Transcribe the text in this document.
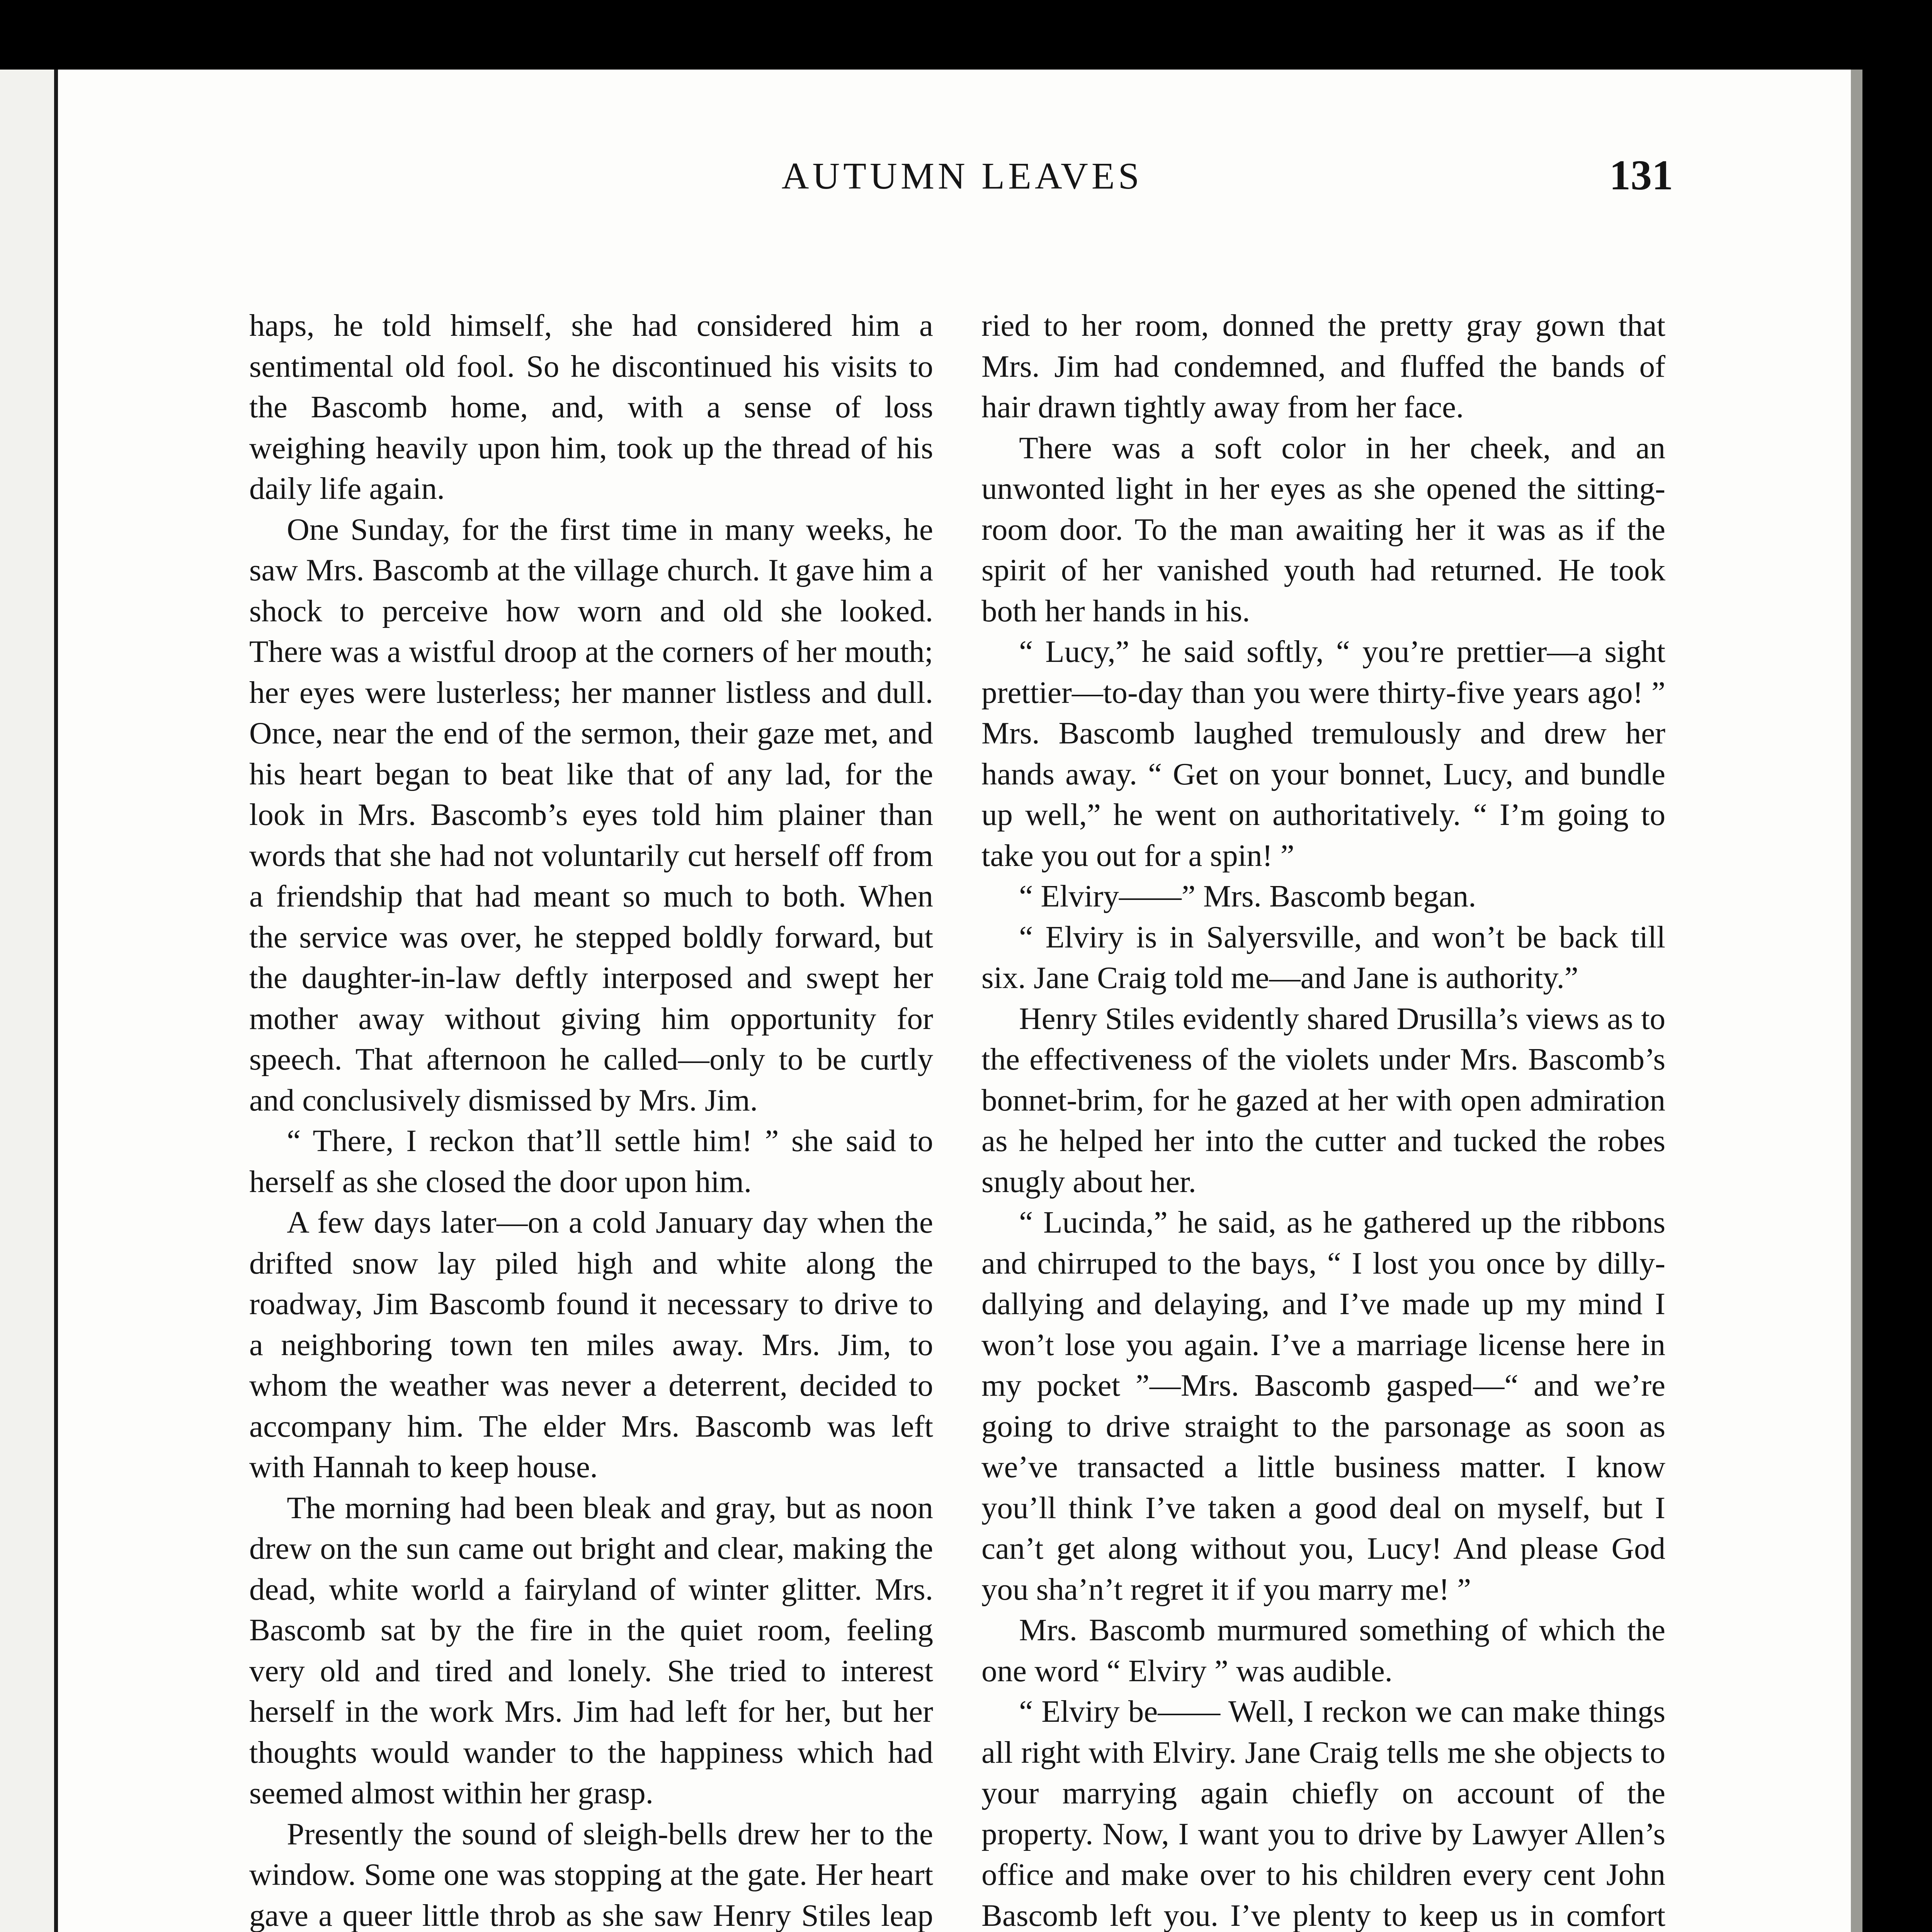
AUTUMN LEAVES	131

haps, he told himself, she had considered him a sentimental old fool. So he discontinued his visits to the Bascomb home, and, with a sense of loss weighing heavily upon him, took up the thread of his daily life again.

One Sunday, for the first time in many weeks, he saw Mrs. Bascomb at the village church. It gave him a shock to perceive how worn and old she looked. There was a wistful droop at the corners of her mouth; her eyes were lusterless; her manner listless and dull. Once, near the end of the sermon, their gaze met, and his heart began to beat like that of any lad, for the look in Mrs. Bascomb’s eyes told him plainer than words that she had not voluntarily cut herself off from a friendship that had meant so much to both. When the service was over, he stepped boldly forward, but the daughter-in-law deftly interposed and swept her mother away without giving him opportunity for speech. That afternoon he called—only to be curtly and conclusively dismissed by Mrs. Jim.

“ There, I reckon that’ll settle him! ” she said to herself as she closed the door upon him.

A few days later—on a cold January day when the drifted snow lay piled high and white along the roadway, Jim Bascomb found it necessary to drive to a neighboring town ten miles away. Mrs. Jim, to whom the weather was never a deterrent, decided to accompany him. The elder Mrs. Bascomb was left with Hannah to keep house.

The morning had been bleak and gray, but as noon drew on the sun came out bright and clear, making the dead, white world a fairyland of winter glitter. Mrs. Bascomb sat by the fire in the quiet room, feeling very old and tired and lonely. She tried to interest herself in the work Mrs. Jim had left for her, but her thoughts would wander to the happiness which had seemed almost within her grasp.

Presently the sound of sleigh-bells drew her to the window. Some one was stopping at the gate. Her heart gave a queer little throb as she saw Henry Stiles leap

ried to her room, donned the pretty gray gown that Mrs. Jim had condemned, and fluffed the bands of hair drawn tightly away from her face.

There was a soft color in her cheek, and an unwonted light in her eyes as she opened the sitting-room door. To the man awaiting her it was as if the spirit of her vanished youth had returned. He took both her hands in his.

“ Lucy,” he said softly, “ you’re prettier—a sight prettier—to-day than you were thirty-five years ago! ” Mrs. Bascomb laughed tremulously and drew her hands away. “ Get on your bonnet, Lucy, and bundle up well,” he went on authoritatively. “ I’m going to take you out for a spin! ”

“ Elviry——” Mrs. Bascomb began.

“ Elviry is in Salyersville, and won’t be back till six. Jane Craig told me—and Jane is authority.”

Henry Stiles evidently shared Drusilla’s views as to the effectiveness of the violets under Mrs. Bascomb’s bonnet-brim, for he gazed at her with open admiration as he helped her into the cutter and tucked the robes snugly about her.

“ Lucinda,” he said, as he gathered up the ribbons and chirruped to the bays, “ I lost you once by dilly-dallying and delaying, and I’ve made up my mind I won’t lose you again. I’ve a marriage license here in my pocket ”—Mrs. Bascomb gasped—“ and we’re going to drive straight to the parsonage as soon as we’ve transacted a little business matter. I know you’ll think I’ve taken a good deal on myself, but I can’t get along without you, Lucy! And please God you sha’n’t regret it if you marry me! ”

Mrs. Bascomb murmured something of which the one word “ Elviry ” was audible.

“ Elviry be—— Well, I reckon we can make things all right with Elviry. Jane Craig tells me she objects to your marrying again chiefly on account of the property. Now, I want you to drive by Lawyer Allen’s office and make over to his children every cent John Bascomb left you. I’ve plenty to keep us in comfort
